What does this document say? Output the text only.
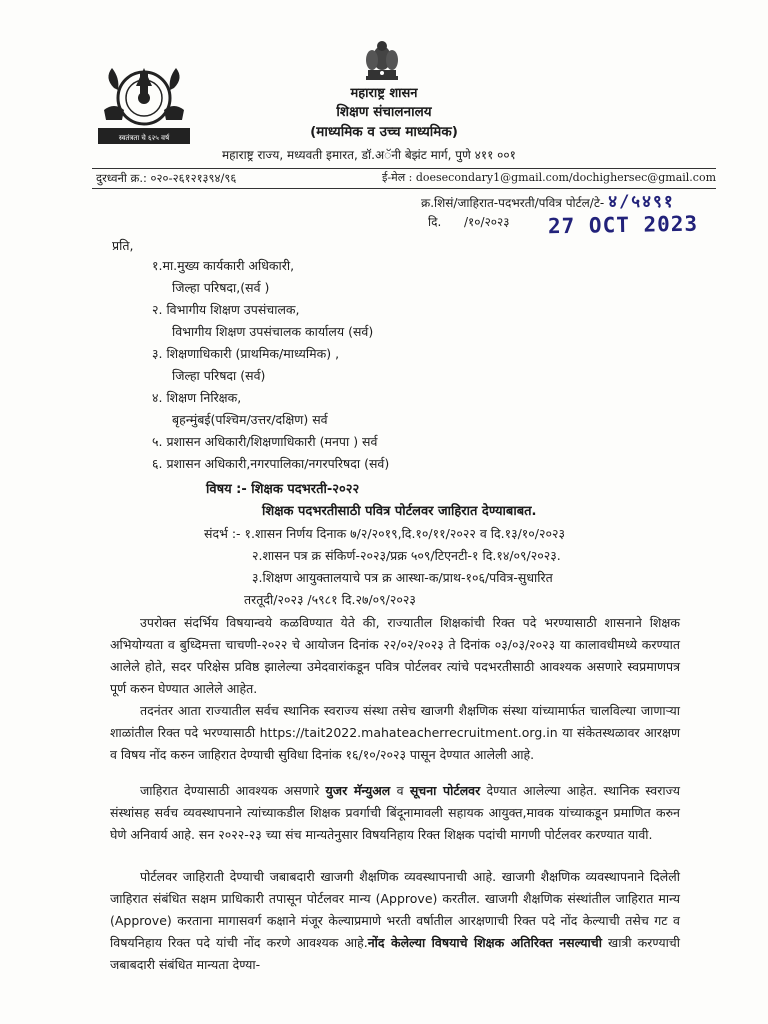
स्वतंत्रता चे ६२५ वर्ष
महाराष्ट्र शासन
शिक्षण संचालनालय
(माध्यमिक व उच्च माध्यमिक)
महाराष्ट्र राज्य, मध्यवती इमारत, डॉ.अॅनी बेझंट मार्ग, पुणे ४११ ००१
दुरध्वनी क्र.: ०२०-२६१२१३९४/९६	ई-मेल : doesecondary1@gmail.com/dochighersec@gmail.com
क्र.शिसं/जाहिरात-पदभरती/पवित्र पोर्टल/टे- ४/५४९१
दि. /१०/२०२३ 27 OCT 2023
प्रति,
१.मा.मुख्य कार्यकारी अधिकारी,
जिल्हा परिषदा,(सर्व )
२. विभागीय शिक्षण उपसंचालक,
विभागीय शिक्षण उपसंचालक कार्यालय (सर्व)
३. शिक्षणाधिकारी (प्राथमिक/माध्यमिक) ,
जिल्हा परिषदा (सर्व)
४. शिक्षण निरिक्षक,
बृहन्मुंबई(पश्चिम/उत्तर/दक्षिण) सर्व
५. प्रशासन अधिकारी/शिक्षणाधिकारी (मनपा ) सर्व
६. प्रशासन अधिकारी,नगरपालिका/नगरपरिषदा (सर्व)
विषय :- शिक्षक पदभरती-२०२२
शिक्षक पदभरतीसाठी पवित्र पोर्टलवर जाहिरात देण्याबाबत.
संदर्भ :- १.शासन निर्णय दिनाक ७/२/२०१९,दि.१०/११/२०२२ व दि.१३/१०/२०२३
२.शासन पत्र क्र संकिर्ण-२०२३/प्रक्र ५०९/टिएनटी-१ दि.१४/०९/२०२३.
३.शिक्षण आयुक्तालयाचे पत्र क्र आस्था-क/प्राथ-१०६/पवित्र-सुधारित
तरतूदी/२०२३ /५९८१ दि.२७/०९/२०२३
उपरोक्त संदर्भिय विषयान्वये कळविण्यात येते की, राज्यातील शिक्षकांची रिक्त पदे भरण्यासाठी शासनाने शिक्षक अभियोग्यता व बुध्दिमत्ता चाचणी-२०२२ चे आयोजन दिनांक २२/०२/२०२३ ते दिनांक ०३/०३/२०२३ या कालावधीमध्ये करण्यात आलेले होते, सदर परिक्षेस प्रविष्ठ झालेल्या उमेदवारांकडून पवित्र पोर्टलवर त्यांचे पदभरतीसाठी आवश्यक असणारे स्वप्रमाणपत्र पूर्ण करुन घेण्यात आलेले आहेत.
तदनंतर आता राज्यातील सर्वच स्थानिक स्वराज्य संस्था तसेच खाजगी शैक्षणिक संस्था यांच्यामार्फत चालविल्या जाणाऱ्या शाळांतील रिक्त पदे भरण्यासाठी https://tait2022.mahateacherrecruitment.org.in या संकेतस्थळावर आरक्षण व विषय नोंद करुन जाहिरात देण्याची सुविधा दिनांक १६/१०/२०२३ पासून देण्यात आलेली आहे.
जाहिरात देण्यासाठी आवश्यक असणारे युजर मॅन्युअल व सूचना पोर्टलवर देण्यात आलेल्या आहेत. स्थानिक स्वराज्य संस्थांसह सर्वच व्यवस्थापनाने त्यांच्याकडील शिक्षक प्रवर्गाची बिंदूनामावली सहायक आयुक्त,मावक यांच्याकडून प्रमाणित करुन घेणे अनिवार्य आहे. सन २०२२-२३ च्या संच मान्यतेनुसार विषयनिहाय रिक्त शिक्षक पदांची मागणी पोर्टलवर करण्यात यावी.
पोर्टलवर जाहिराती देण्याची जबाबदारी खाजगी शैक्षणिक व्यवस्थापनाची आहे. खाजगी शैक्षणिक व्यवस्थापनाने दिलेली जाहिरात संबंधित सक्षम प्राधिकारी तपासून पोर्टलवर मान्य (Approve) करतील. खाजगी शैक्षणिक संस्थांतील जाहिरात मान्य (Approve) करताना मागासवर्ग कक्षाने मंजूर केल्याप्रमाणे भरती वर्षातील आरक्षणाची रिक्त पदे नोंद केल्याची तसेच गट व विषयनिहाय रिक्त पदे यांची नोंद करणे आवश्यक आहे.नोंद केलेल्या विषयाचे शिक्षक अतिरिक्त नसल्याची खात्री करण्याची जबाबदारी संबंधित मान्यता देण्या-
